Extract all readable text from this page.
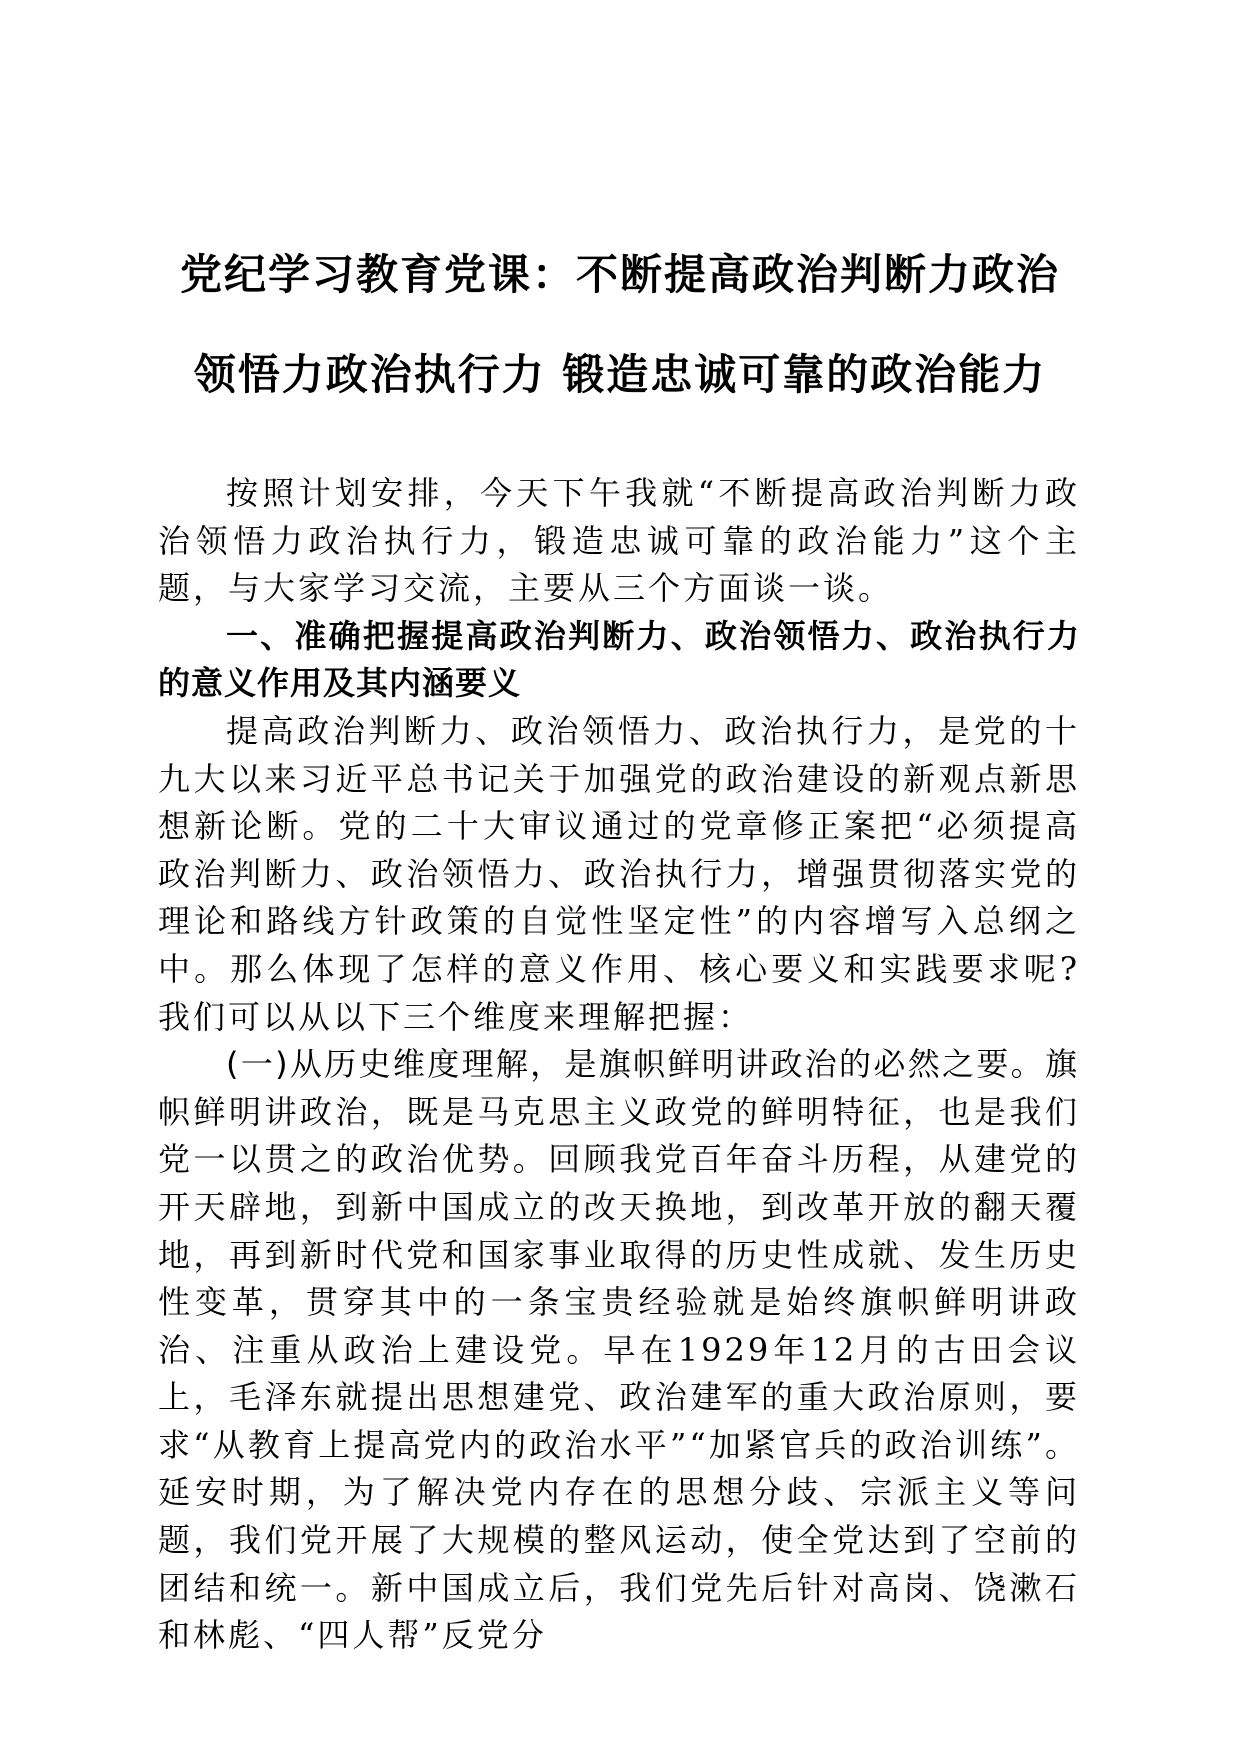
党纪学习教育党课：不断提高政治判断力政治
领悟力政治执行力 锻造忠诚可靠的政治能力

按照计划安排，今天下午我就“不断提高政治判断力政治领悟力政治执行力，锻造忠诚可靠的政治能力”这个主题，与大家学习交流，主要从三个方面谈一谈。

一、准确把握提高政治判断力、政治领悟力、政治执行力的意义作用及其内涵要义

提高政治判断力、政治领悟力、政治执行力，是党的十九大以来习近平总书记关于加强党的政治建设的新观点新思想新论断。党的二十大审议通过的党章修正案把“必须提高政治判断力、政治领悟力、政治执行力，增强贯彻落实党的理论和路线方针政策的自觉性坚定性”的内容增写入总纲之中。那么体现了怎样的意义作用、核心要义和实践要求呢?我们可以从以下三个维度来理解把握：

(一)从历史维度理解，是旗帜鲜明讲政治的必然之要。旗帜鲜明讲政治，既是马克思主义政党的鲜明特征，也是我们党一以贯之的政治优势。回顾我党百年奋斗历程，从建党的开天辟地，到新中国成立的改天换地，到改革开放的翻天覆地，再到新时代党和国家事业取得的历史性成就、发生历史性变革，贯穿其中的一条宝贵经验就是始终旗帜鲜明讲政治、注重从政治上建设党。早在1929年12月的古田会议上，毛泽东就提出思想建党、政治建军的重大政治原则，要求“从教育上提高党内的政治水平”“加紧官兵的政治训练”。延安时期，为了解决党内存在的思想分歧、宗派主义等问题，我们党开展了大规模的整风运动，使全党达到了空前的团结和统一。新中国成立后，我们党先后针对高岗、饶漱石和林彪、“四人帮”反党分
